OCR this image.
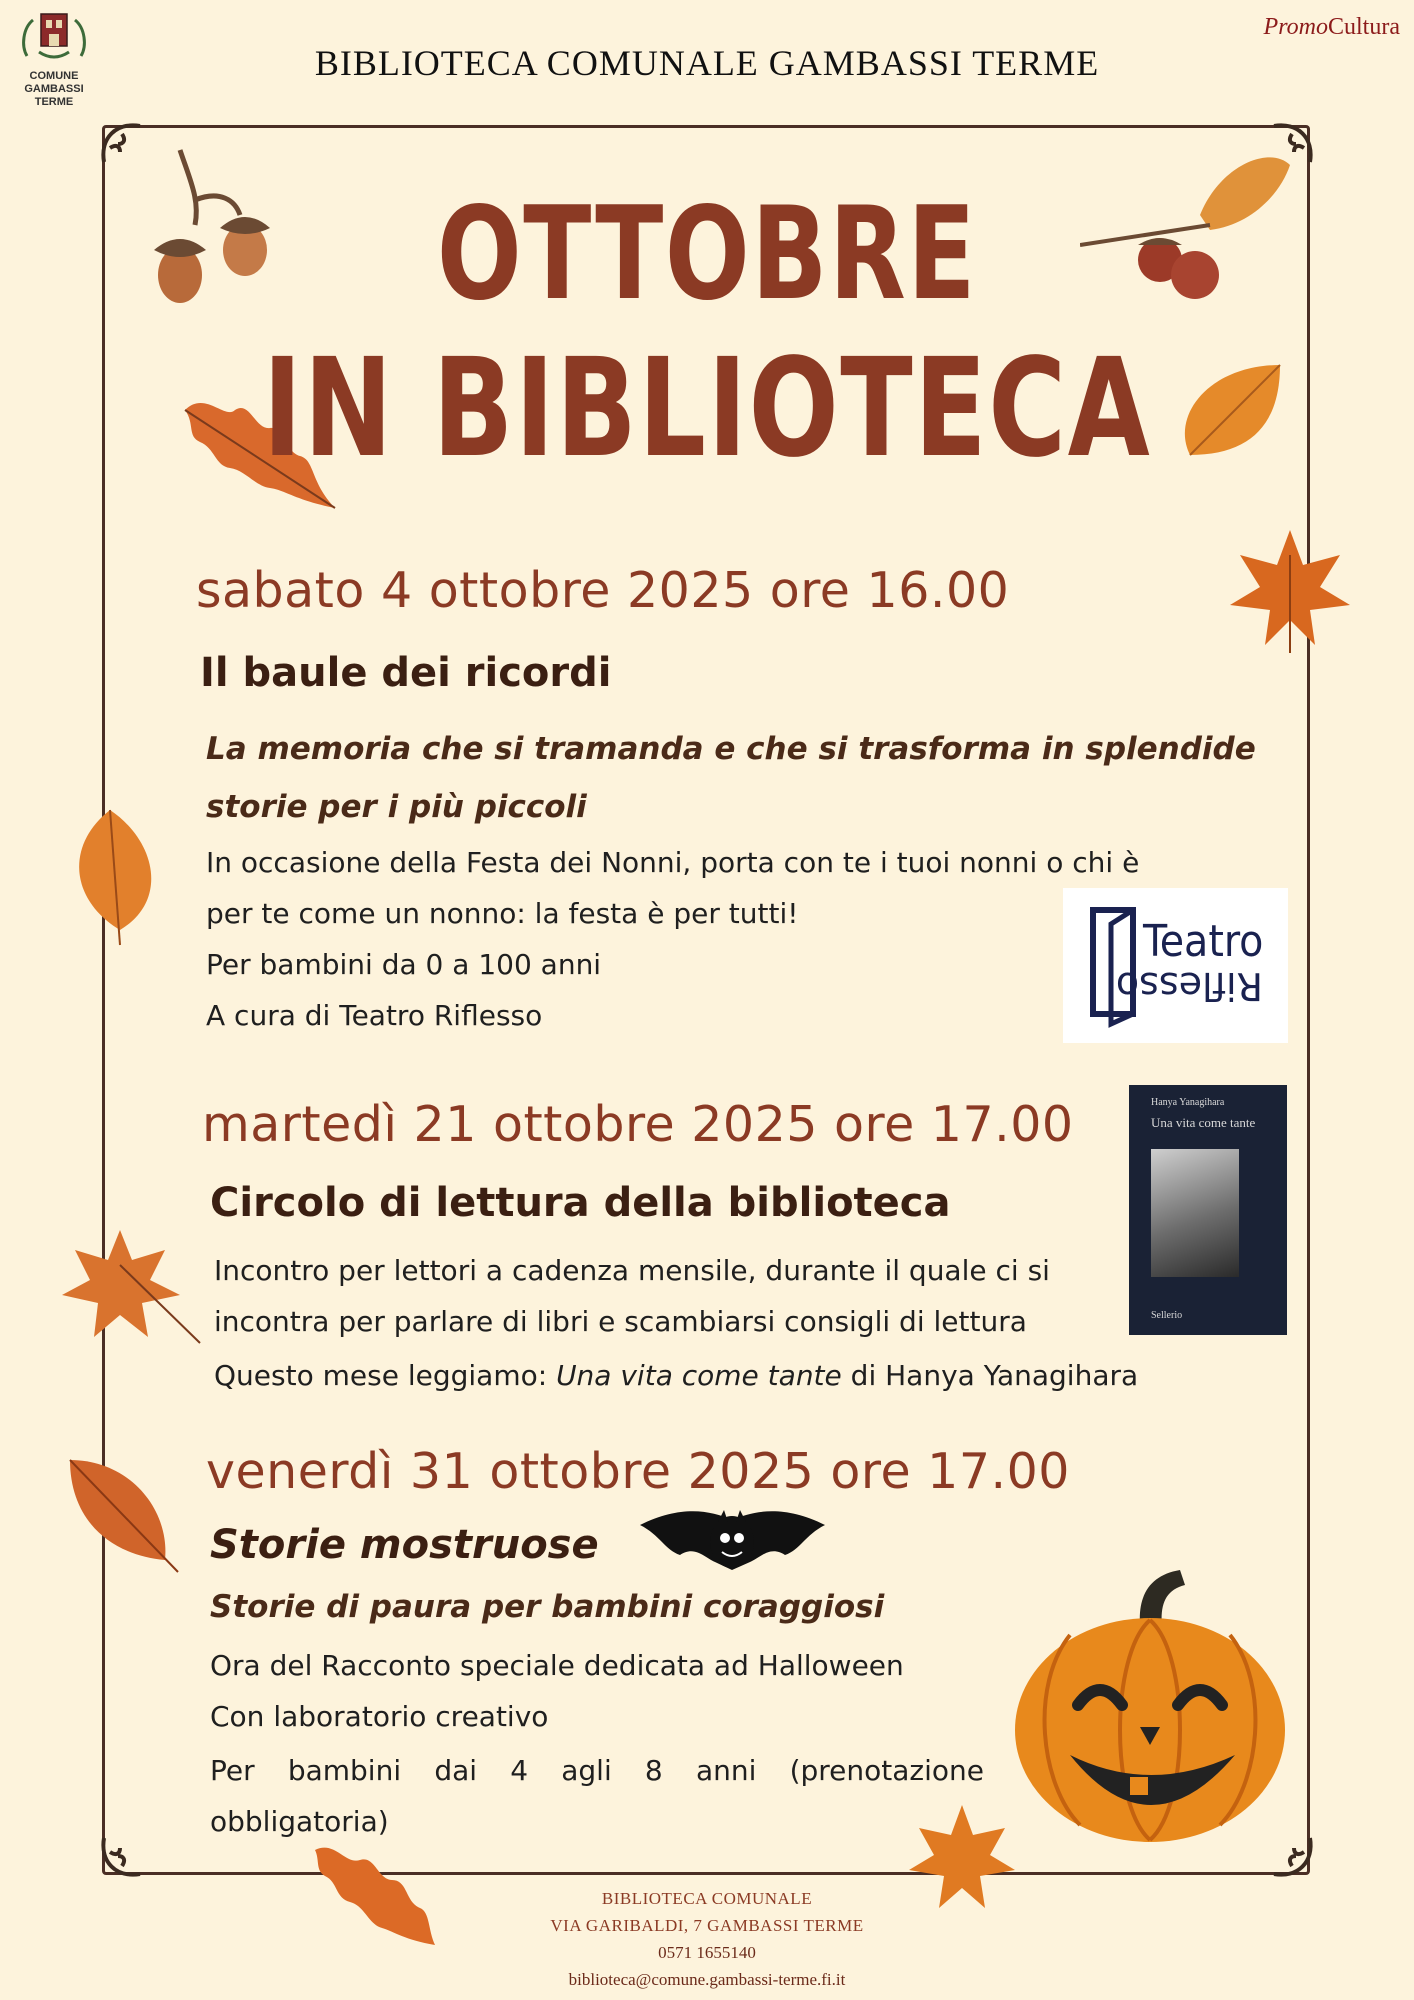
COMUNE
GAMBASSI TERME
BIBLIOTECA COMUNALE GAMBASSI TERME
PromoCultura
OTTOBRE
IN BIBLIOTECA
sabato 4 ottobre 2025 ore 16.00
Il baule dei ricordi
La memoria che si tramanda e che si trasforma in splendide
storie per i più piccoli
In occasione della Festa dei Nonni, porta con te i tuoi nonni o chi è
per te come un nonno: la festa è per tutti!
Per bambini da 0 a 100 anni
A cura di Teatro Riflesso
Teatro
Riflesso
martedì 21 ottobre 2025 ore 17.00
Circolo di lettura della biblioteca
Incontro per lettori a cadenza mensile, durante il quale ci si
incontra per parlare di libri e scambiarsi consigli di lettura
Questo mese leggiamo: Una vita come tante di Hanya Yanagihara
Hanya Yanagihara
Una vita come tante
Sellerio
venerdì 31 ottobre 2025 ore 17.00
Storie mostruose
Storie di paura per bambini coraggiosi
Ora del Racconto speciale dedicata ad Halloween
Con laboratorio creativo
Per bambini dai 4 agli 8 anni (prenotazione
obbligatoria)
BIBLIOTECA COMUNALE
VIA GARIBALDI, 7 GAMBASSI TERME
0571 1655140
biblioteca@comune.gambassi-terme.fi.it
